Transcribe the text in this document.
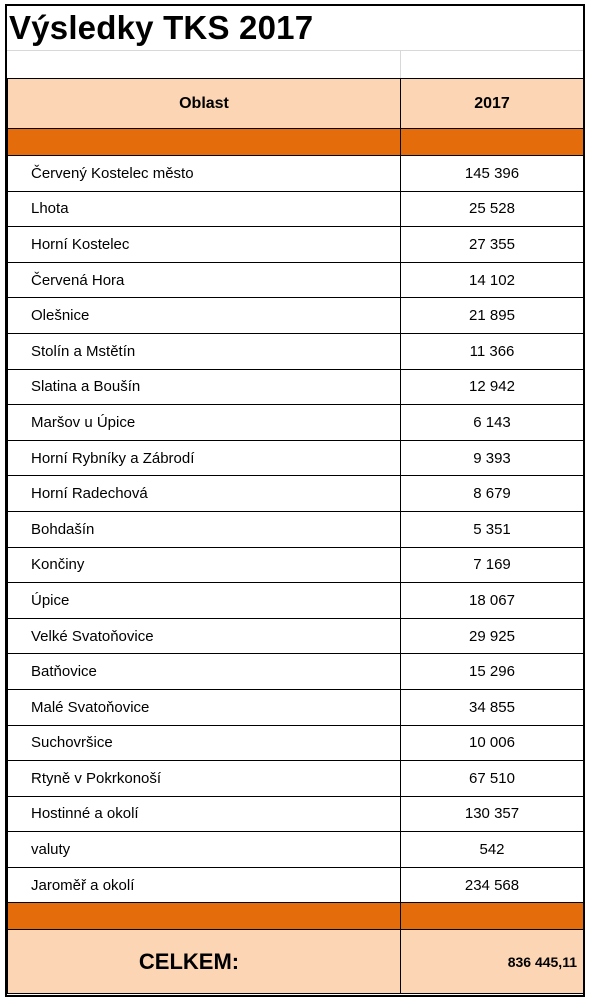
Výsledky TKS 2017
Oblast	2017

Červený Kostelec město	145 396
Lhota	25 528
Horní Kostelec	27 355
Červená Hora	14 102
Olešnice	21 895
Stolín a Mstětín	11 366
Slatina a Boušín	12 942
Maršov u Úpice	6 143
Horní Rybníky a Zábrodí	9 393
Horní Radechová	8 679
Bohdašín	5 351
Končiny	7 169
Úpice	18 067
Velké Svatoňovice	29 925
Batňovice	15 296
Malé Svatoňovice	34 855
Suchovršice	10 006
Rtyně v Pokrkonoší	67 510
Hostinné a okolí	130 357
valuty	542
Jaroměř a okolí	234 568

CELKEM:	836 445,11
